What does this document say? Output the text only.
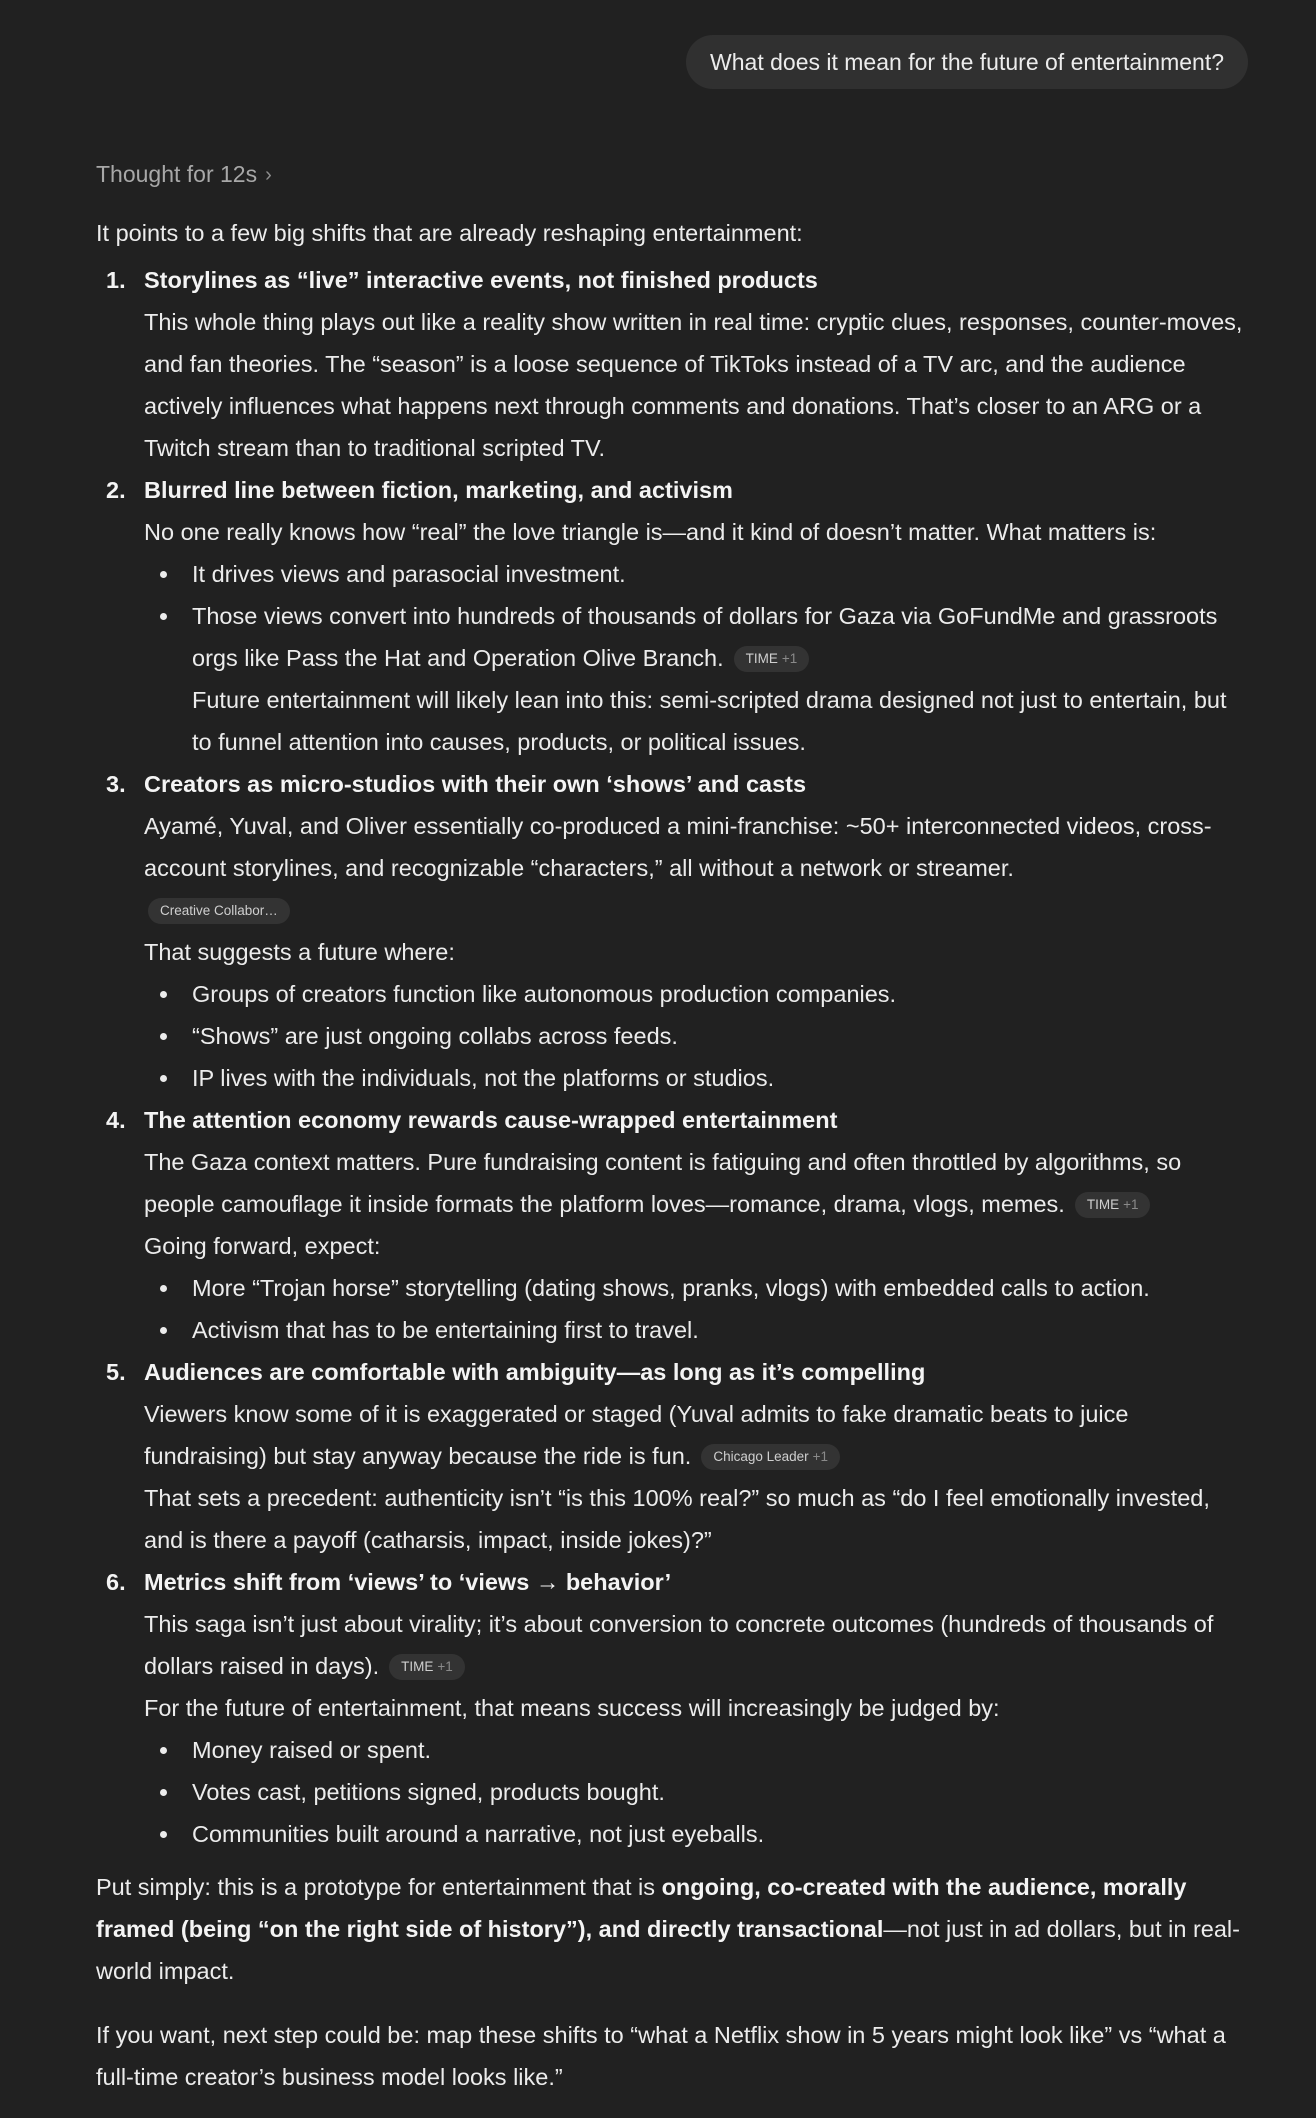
What does it mean for the future of entertainment?
Thought for 12s ›

It points to a few big shifts that are already reshaping entertainment:

1. Storylines as “live” interactive events, not finished products

This whole thing plays out like a reality show written in real time: cryptic clues, responses, counter-moves, and fan theories. The “season” is a loose sequence of TikToks instead of a TV arc, and the audience actively influences what happens next through comments and donations. That’s closer to an ARG or a Twitch stream than to traditional scripted TV.

2. Blurred line between fiction, marketing, and activism

No one really knows how “real” the love triangle is—and it kind of doesn’t matter. What matters is:

It drives views and parasocial investment.
Those views convert into hundreds of thousands of dollars for Gaza via GoFundMe and grassroots orgs like Pass the Hat and Operation Olive Branch. TIME +1

Future entertainment will likely lean into this: semi-scripted drama designed not just to entertain, but to funnel attention into causes, products, or political issues.

3. Creators as micro-studios with their own ‘shows’ and casts

Ayamé, Yuval, and Oliver essentially co-produced a mini-franchise: ~50+ interconnected videos, cross-account storylines, and recognizable “characters,” all without a network or streamer.

Creative Collabor…

That suggests a future where:

Groups of creators function like autonomous production companies.
“Shows” are just ongoing collabs across feeds.
IP lives with the individuals, not the platforms or studios.
4. The attention economy rewards cause-wrapped entertainment

The Gaza context matters. Pure fundraising content is fatiguing and often throttled by algorithms, so people camouflage it inside formats the platform loves—romance, drama, vlogs, memes. TIME +1

Going forward, expect:

More “Trojan horse” storytelling (dating shows, pranks, vlogs) with embedded calls to action.
Activism that has to be entertaining first to travel.
5. Audiences are comfortable with ambiguity—as long as it’s compelling

Viewers know some of it is exaggerated or staged (Yuval admits to fake dramatic beats to juice fundraising) but stay anyway because the ride is fun. Chicago Leader +1

That sets a precedent: authenticity isn’t “is this 100% real?” so much as “do I feel emotionally invested, and is there a payoff (catharsis, impact, inside jokes)?”

6. Metrics shift from ‘views’ to ‘views → behavior’

This saga isn’t just about virality; it’s about conversion to concrete outcomes (hundreds of thousands of dollars raised in days). TIME +1

For the future of entertainment, that means success will increasingly be judged by:

Money raised or spent.
Votes cast, petitions signed, products bought.
Communities built around a narrative, not just eyeballs.

Put simply: this is a prototype for entertainment that is ongoing, co-created with the audience, morally framed (being “on the right side of history”), and directly transactional—not just in ad dollars, but in real-world impact.

If you want, next step could be: map these shifts to “what a Netflix show in 5 years might look like” vs “what a full-time creator’s business model looks like.”
